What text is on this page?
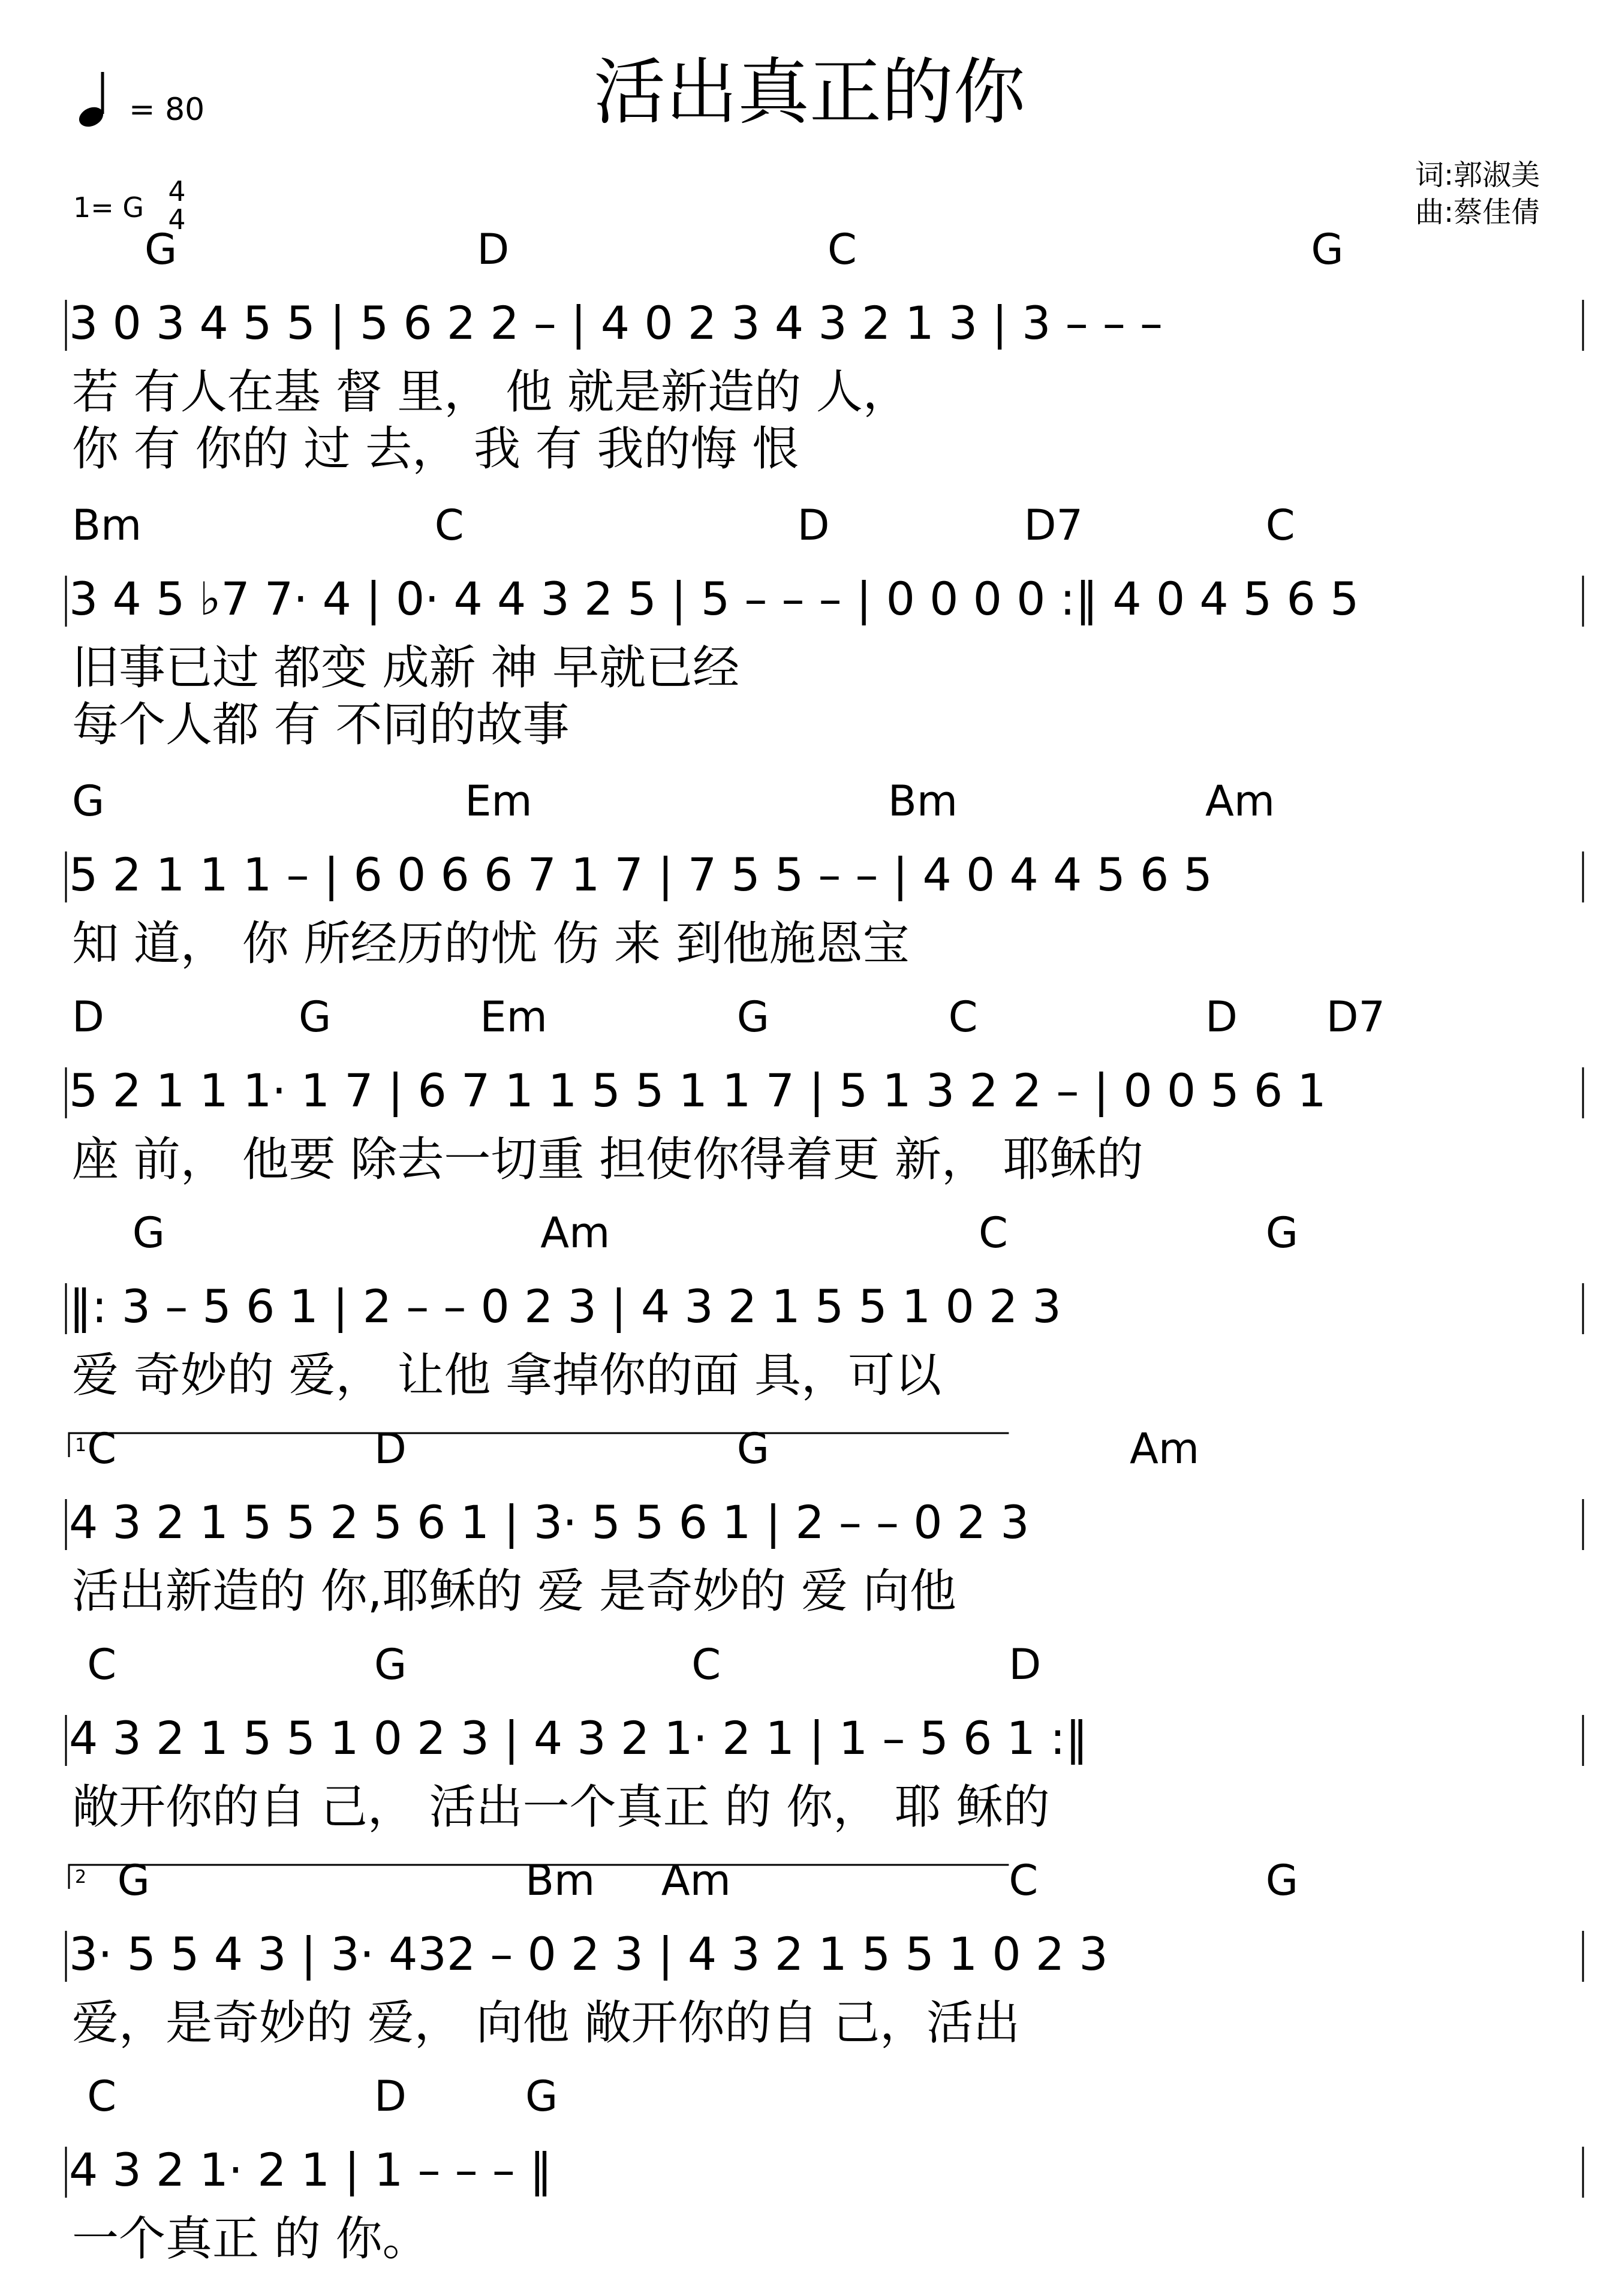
活出真正的你
= 80
1= G 4
4
词:郭淑美
曲:蔡佳倩
G	D	C	G
3 0 3 4 5 5 | 5 6 2 2 – | 4 0 2 3 4 3 2 1 3 | 3 – – –
若 有人在基 督 里， 他 就是新造的 人，
你 有 你的 过 去， 我 有 我的悔 恨
Bm	C	D	D7	C
3 4 5 ♭7 7· 4 | 0· 4 4 3 2 5 | 5 – – – | 0 0 0 0 :‖ 4 0 4 5 6 5
旧事已过 都变 成新 神 早就已经
每个人都 有 不同的故事
G	Em	Bm	Am
5 2 1 1 1 – | 6 0 6 6 7 1 7 | 7 5 5 – – | 4 0 4 4 5 6 5
知 道， 你 所经历的忧 伤 来 到他施恩宝
D	G	Em	G	C	D D7
5 2 1 1 1· 1 7 | 6 7 1 1 5 5 1 1 7 | 5 1 3 2 2 – | 0 0 5 6 1
座 前， 他要 除去一切重 担使你得着更 新， 耶稣的
G	Am	C	G
‖: 3 – 5 6 1 | 2 – – 0 2 3 | 4 3 2 1 5 5 1 0 2 3
爱 奇妙的 爱， 让他 拿掉你的面 具，可以
C	D	G	Am
1
4 3 2 1 5 5 2 5 6 1 | 3· 5 5 6 1 | 2 – – 0 2 3
活出新造的 你,耶稣的 爱 是奇妙的 爱 向他
C	G	C	D
4 3 2 1 5 5 1 0 2 3 | 4 3 2 1· 2 1 | 1 – 5 6 1 :‖
敞开你的自 己， 活出一个真正 的 你， 耶 稣的
G	Bm Am	C	G
2
3· 5 5 4 3 | 3· 432 – 0 2 3 | 4 3 2 1 5 5 1 0 2 3
爱，是奇妙的 爱， 向他 敞开你的自 己，活出
C	D	G
4 3 2 1· 2 1 | 1 – – – ‖
一个真正 的 你。
